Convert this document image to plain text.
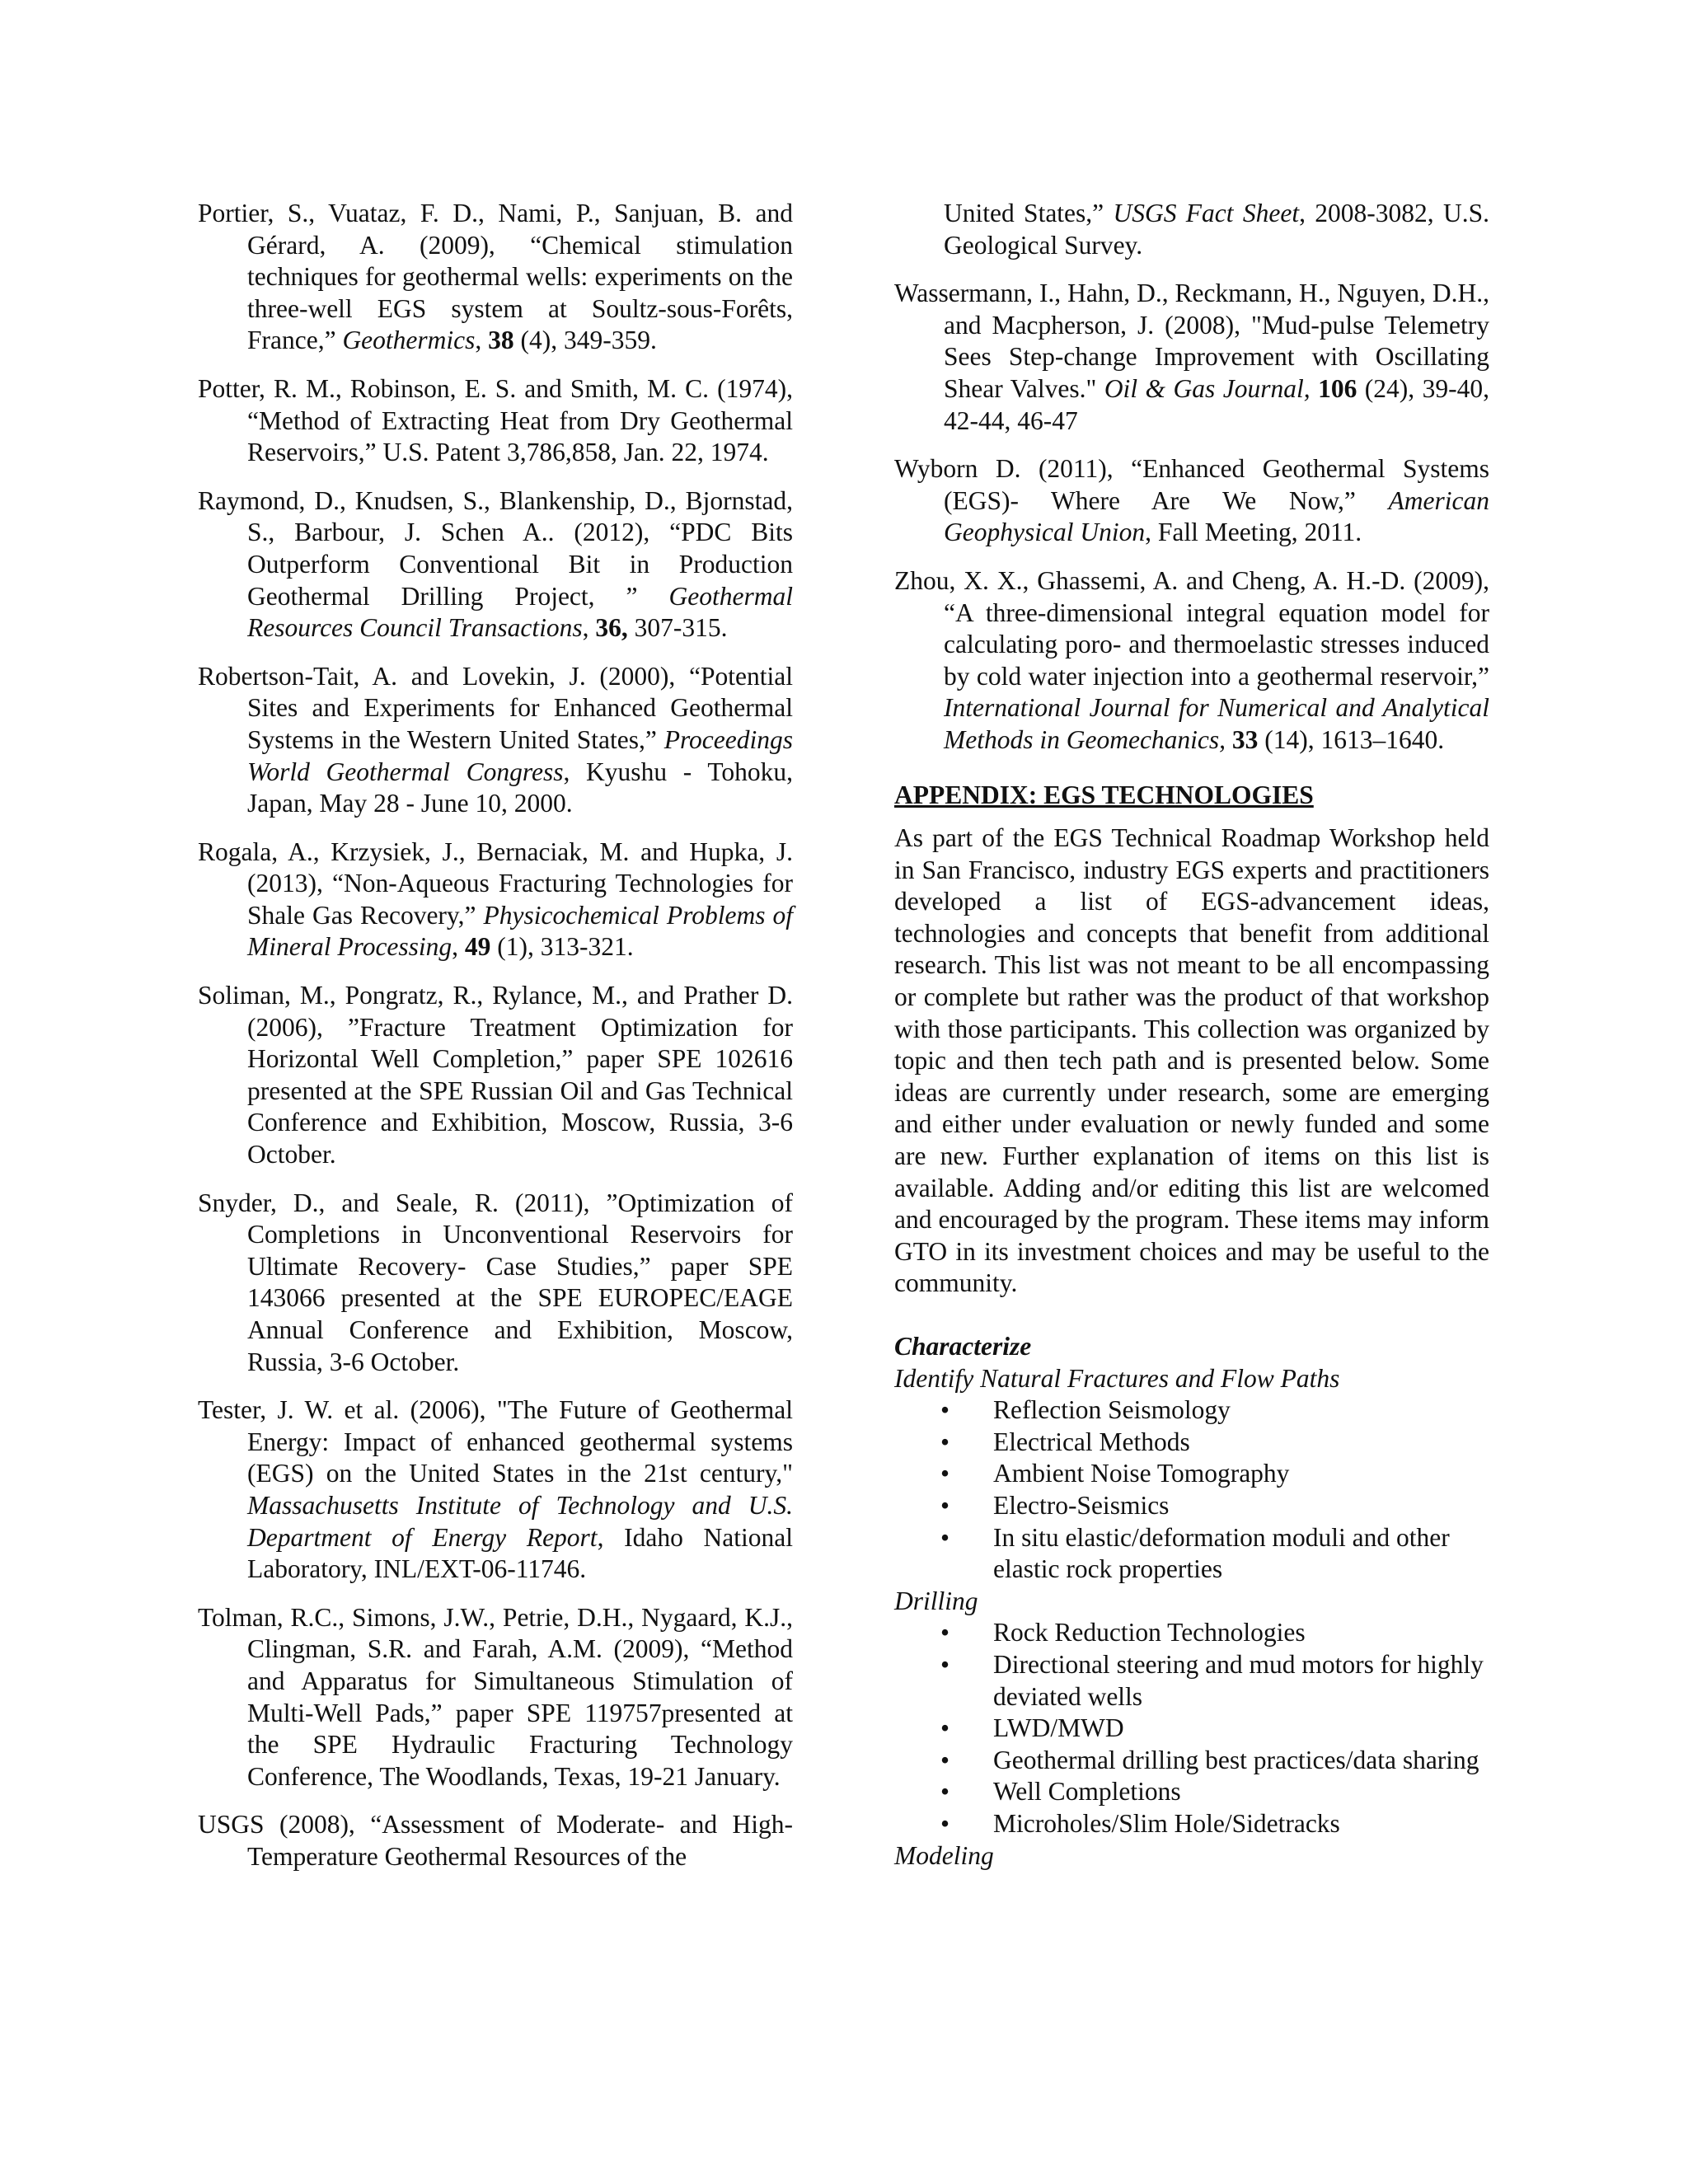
Portier, S., Vuataz, F. D., Nami, P., Sanjuan, B. and Gérard, A. (2009), “Chemical stimulation techniques for geothermal wells: experiments on the three-well EGS system at Soultz-sous-Forêts, France,” Geothermics, 38 (4), 349-359.

Potter, R. M., Robinson, E. S. and Smith, M. C. (1974), “Method of Extracting Heat from Dry Geothermal Reservoirs,” U.S. Patent 3,786,858, Jan. 22, 1974.

Raymond, D., Knudsen, S., Blankenship, D., Bjornstad, S., Barbour, J. Schen A.. (2012), “PDC Bits Outperform Conventional Bit in Production Geothermal Drilling Project, ” Geothermal Resources Council Transactions, 36, 307-315.

Robertson-Tait, A. and Lovekin, J. (2000), “Potential Sites and Experiments for Enhanced Geothermal Systems in the Western United States,” Proceedings World Geothermal Congress, Kyushu - Tohoku, Japan, May 28 - June 10, 2000.

Rogala, A., Krzysiek, J., Bernaciak, M. and Hupka, J. (2013), “Non-Aqueous Fracturing Technologies for Shale Gas Recovery,” Physicochemical Problems of Mineral Processing, 49 (1), 313-321.

Soliman, M., Pongratz, R., Rylance, M., and Prather D. (2006), ”Fracture Treatment Optimization for Horizontal Well Completion,” paper SPE 102616 presented at the SPE Russian Oil and Gas Technical Conference and Exhibition, Moscow, Russia, 3-6 October.

Snyder, D., and Seale, R. (2011), ”Optimization of Completions in Unconventional Reservoirs for Ultimate Recovery- Case Studies,” paper SPE 143066 presented at the SPE EUROPEC/EAGE Annual Conference and Exhibition, Moscow, Russia, 3-6 October.

Tester, J. W. et al. (2006), "The Future of Geothermal Energy: Impact of enhanced geothermal systems (EGS) on the United States in the 21st century," Massachusetts Institute of Technology and U.S. Department of Energy Report, Idaho National Laboratory, INL/EXT-06-11746.

Tolman, R.C., Simons, J.W., Petrie, D.H., Nygaard, K.J., Clingman, S.R. and Farah, A.M. (2009), “Method and Apparatus for Simultaneous Stimulation of Multi-Well Pads,” paper SPE 119757presented at the SPE Hydraulic Fracturing Technology Conference, The Woodlands, Texas, 19-21 January.

USGS (2008), “Assessment of Moderate- and High-Temperature Geothermal Resources of the

United States,” USGS Fact Sheet, 2008-3082, U.S. Geological Survey.

Wassermann, I., Hahn, D., Reckmann, H., Nguyen, D.H., and Macpherson, J. (2008), "Mud-pulse Telemetry Sees Step-change Improvement with Oscillating Shear Valves." Oil & Gas Journal, 106 (24), 39-40, 42-44, 46-47

Wyborn D. (2011), “Enhanced Geothermal Systems (EGS)- Where Are We Now,” American Geophysical Union, Fall Meeting, 2011.

Zhou, X. X., Ghassemi, A. and Cheng, A. H.-D. (2009), “A three-dimensional integral equation model for calculating poro- and thermoelastic stresses induced by cold water injection into a geothermal reservoir,” International Journal for Numerical and Analytical Methods in Geomechanics, 33 (14), 1613–1640.

APPENDIX: EGS TECHNOLOGIES

As part of the EGS Technical Roadmap Workshop held in San Francisco, industry EGS experts and practitioners developed a list of EGS-advancement ideas, technologies and concepts that benefit from additional research. This list was not meant to be all encompassing or complete but rather was the product of that workshop with those participants. This collection was organized by topic and then tech path and is presented below. Some ideas are currently under research, some are emerging and either under evaluation or newly funded and some are new. Further explanation of items on this list is available. Adding and/or editing this list are welcomed and encouraged by the program. These items may inform GTO in its investment choices and may be useful to the community.

Characterize

Identify Natural Fractures and Flow Paths

• Reflection Seismology
• Electrical Methods
• Ambient Noise Tomography
• Electro-Seismics
• In situ elastic/deformation moduli and other elastic rock properties

Drilling

• Rock Reduction Technologies
• Directional steering and mud motors for highly deviated wells
• LWD/MWD
• Geothermal drilling best practices/data sharing
• Well Completions
• Microholes/Slim Hole/Sidetracks

Modeling
